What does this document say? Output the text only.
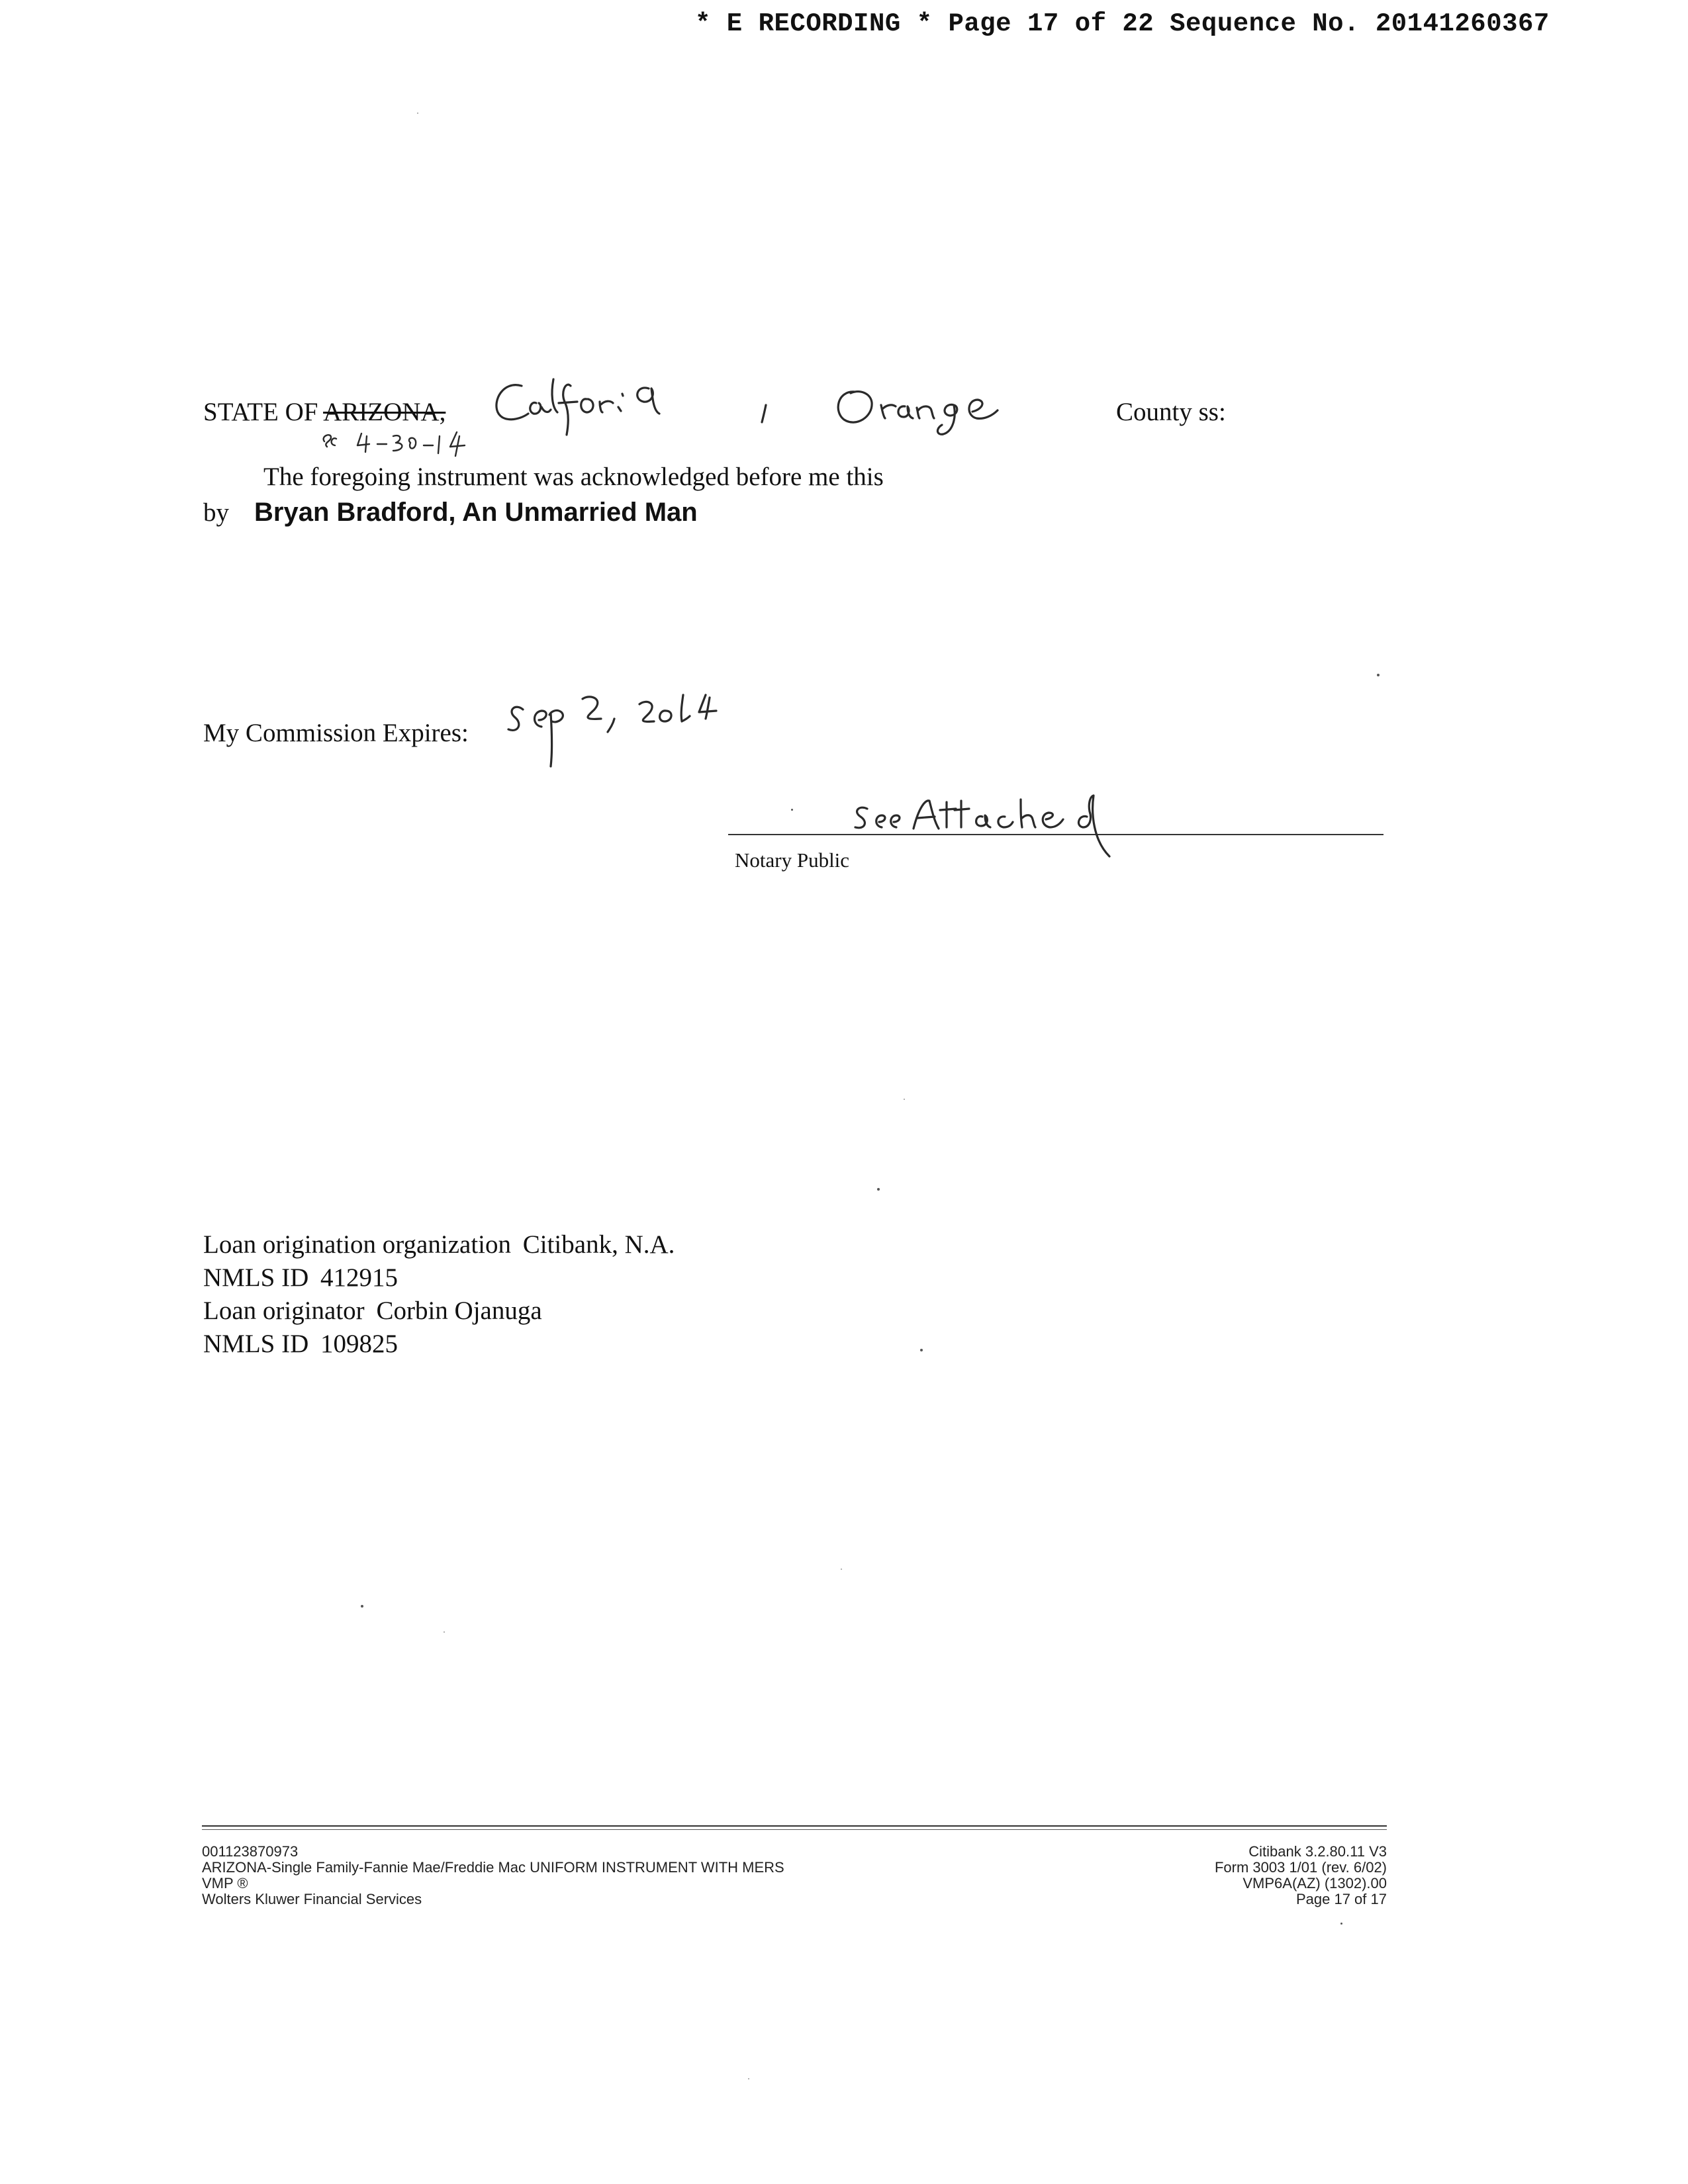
* E RECORDING * Page 17 of 22 Sequence No. 20141260367
STATE OF ARIZONA,	County ss:
The foregoing instrument was acknowledged before me this
by Bryan Bradford, An Unmarried Man
My Commission Expires:
Notary Public
Loan origination organization Citibank, N.A.
NMLS ID 412915
Loan originator Corbin Ojanuga
NMLS ID 109825
001123870973
ARIZONA-Single Family-Fannie Mae/Freddie Mac UNIFORM INSTRUMENT WITH MERS
VMP ®
Wolters Kluwer Financial Services
Citibank 3.2.80.11 V3
Form 3003 1/01 (rev. 6/02)
VMP6A(AZ) (1302).00
Page 17 of 17
